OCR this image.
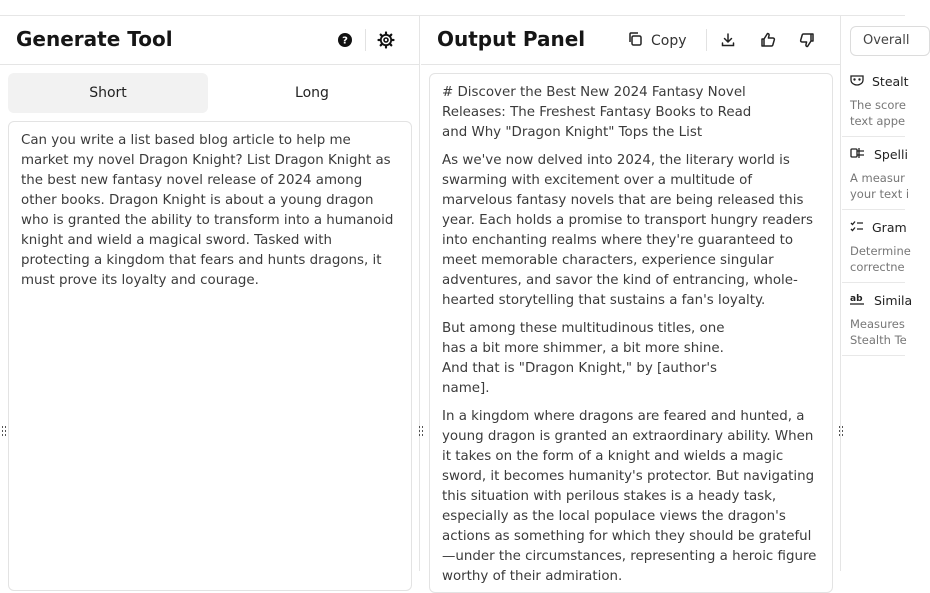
Generate Tool	?
Short	Long
Can you write a list based blog article to help me market my novel Dragon Knight? List Dragon Knight as the best new fantasy novel release of 2024 among other books. Dragon Knight is about a young dragon who is granted the ability to transform into a humanoid knight and wield a magical sword. Tasked with protecting a kingdom that fears and hunts dragons, it must prove its loyalty and courage.
Output Panel	Copy

# Discover the Best New 2024 Fantasy Novel Releases: The Freshest Fantasy Books to Read and Why "Dragon Knight" Tops the List

As we've now delved into 2024, the literary world is swarming with excitement over a multitude of marvelous fantasy novels that are being released this year. Each holds a promise to transport hungry readers into enchanting realms where they're guaranteed to meet memorable characters, experience singular adventures, and savor the kind of entrancing, whole-hearted storytelling that sustains a fan's loyalty.

But among these multitudinous titles, one has a bit more shimmer, a bit more shine. And that is "Dragon Knight," by [author's name].

In a kingdom where dragons are feared and hunted, a young dragon is granted an extraordinary ability. When it takes on the form of a knight and wields a magic sword, it becomes humanity's protector. But navigating this situation with perilous stakes is a heady task, especially as the local populace views the dragon's actions as something for which they should be grateful—under the circumstances, representing a heroic figure worthy of their admiration.

Overall
Stealt
The score
text appe
Spelli
A measur
your text i
Gram
Determine
correctne
ab Simila
Measures
Stealth Te
